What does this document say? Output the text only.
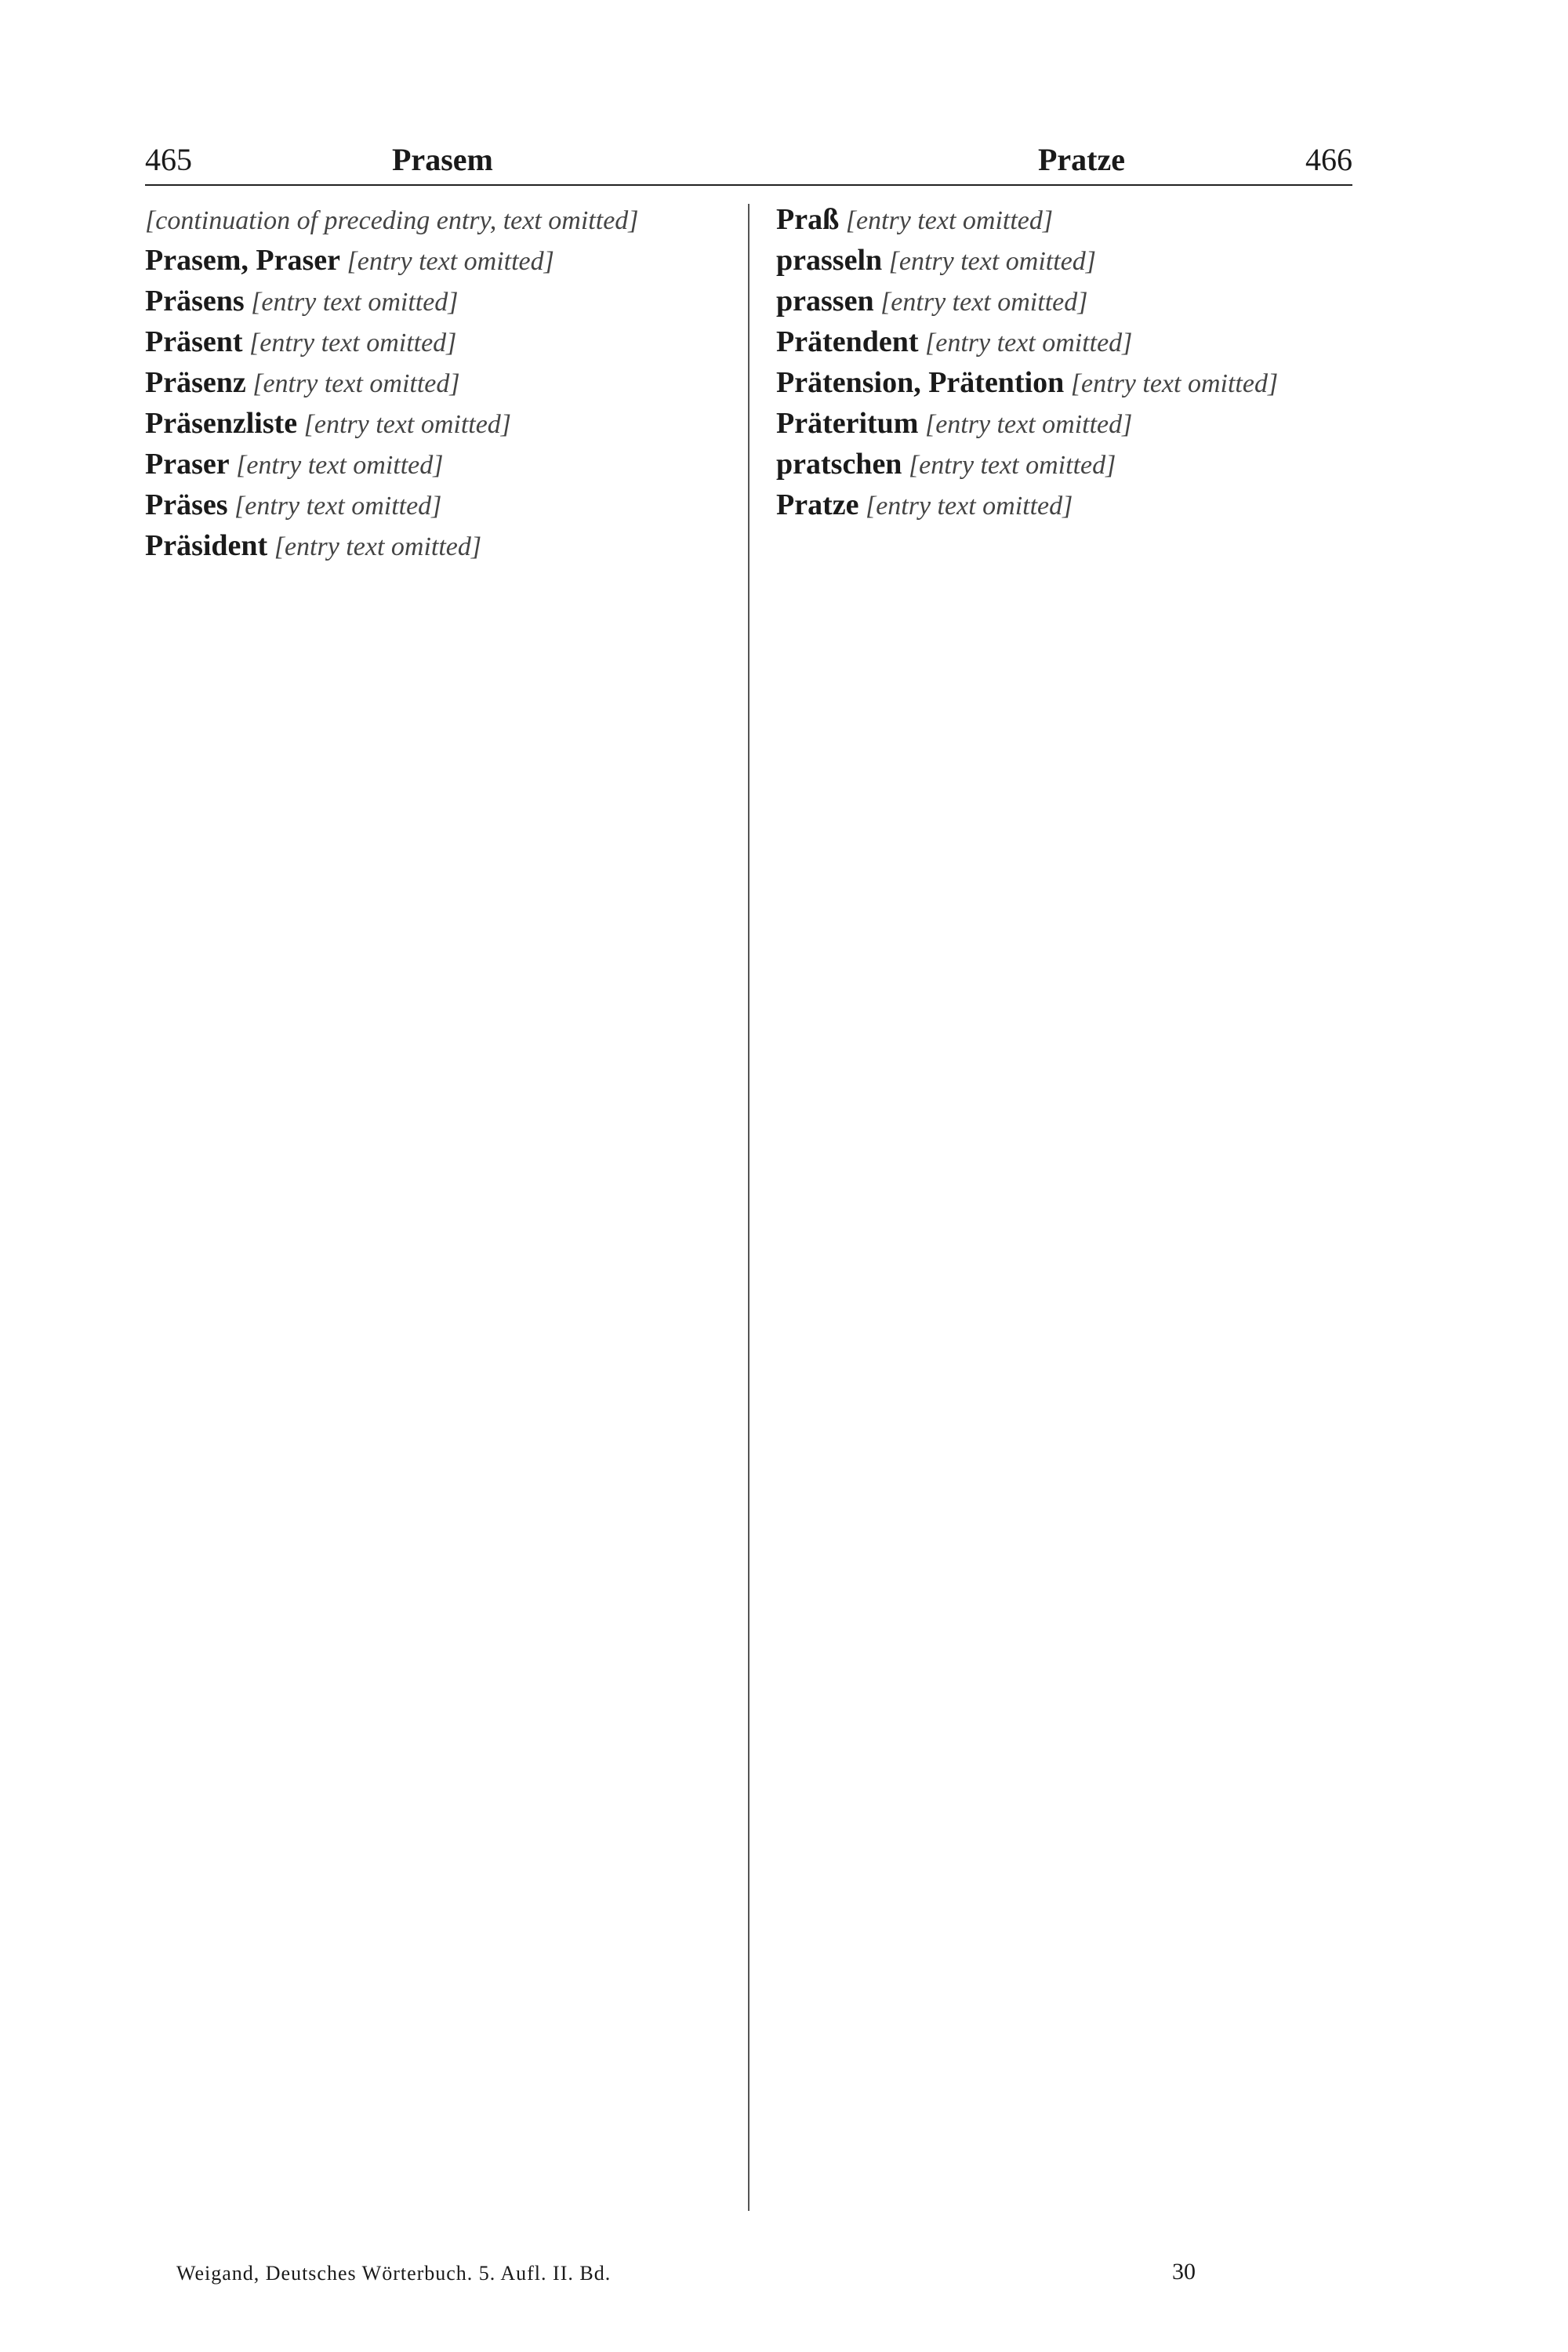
465	Prasem	Pratze	466

[continuation of preceding entry, text omitted]

Prasem, Praser [entry text omitted]

Präsens [entry text omitted]

Präsent [entry text omitted]

Präsenz [entry text omitted]

Präsenzliste [entry text omitted]

Praser [entry text omitted]

Präses [entry text omitted]

Präsident [entry text omitted]

Praß [entry text omitted]

prasseln [entry text omitted]

prassen [entry text omitted]

Prätendent [entry text omitted]

Prätension, Prätention [entry text omitted]

Präteritum [entry text omitted]

pratschen [entry text omitted]

Pratze [entry text omitted]

Weigand, Deutsches Wörterbuch. 5. Aufl. II. Bd.	30
